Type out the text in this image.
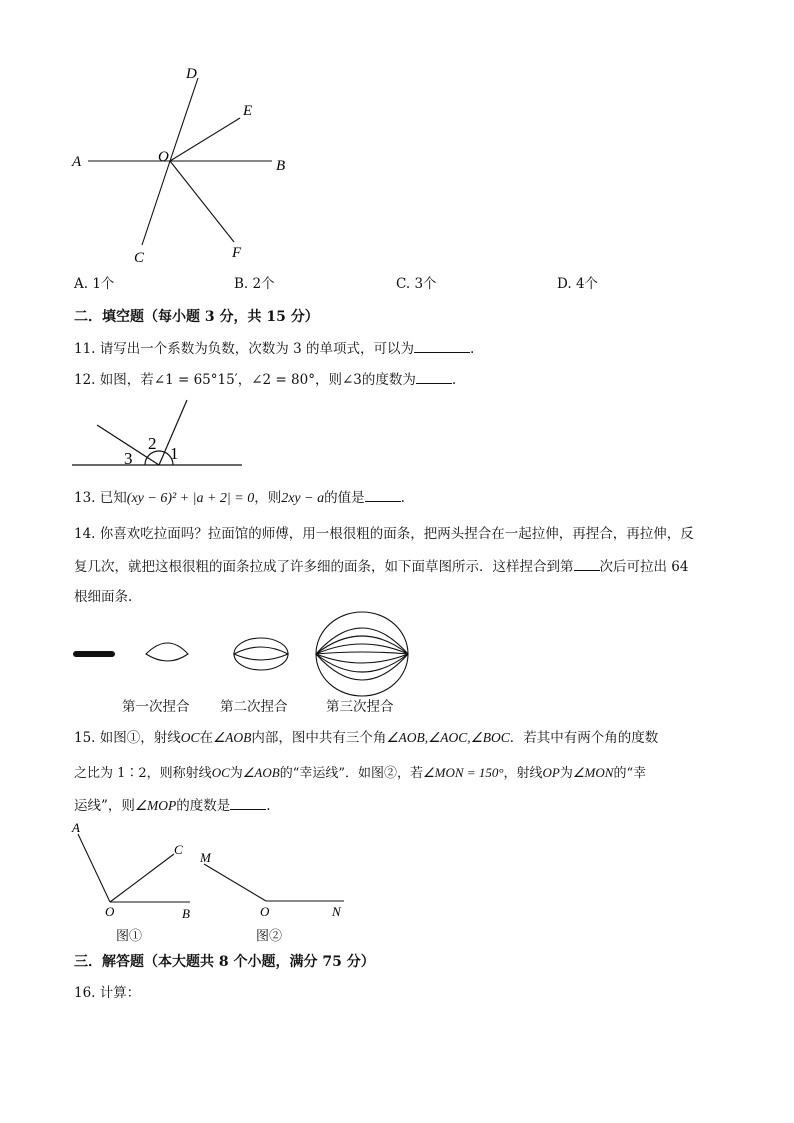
A	B
D
E
O
C	F
A. 1个	B. 2个	C. 3个	D. 4个
二．填空题（每小题 3 分，共 15 分）
11. 请写出一个系数为负数，次数为 3 的单项式，可以为	.
12. 如图，若∠1 = 65°15′，∠2 = 80°，则∠3的度数为	.
3
2
1
13. 已知(xy − 6)² + |a + 2| = 0，则2xy − a的值是	.
14. 你喜欢吃拉面吗？拉面馆的师傅，用一根很粗的面条，把两头捏合在一起拉伸，再捏合，再拉伸，反
复几次，就把这根很粗的面条拉成了许多细的面条，如下面草图所示．这样捏合到第 次后可拉出 64
根细面条.
第一次捏合 第二次捏合	第三次捏合
15. 如图①，射线OC在∠AOB内部，图中共有三个角∠AOB,∠AOC,∠BOC．若其中有两个角的度数
之比为 1∶2，则称射线OC为∠AOB的“幸运线”．如图②，若∠MON = 150°，射线OP为∠MON的“幸
运线”，则∠MOP的度数是	.
A
C
O	B
图①
M
O	N
图②
三．解答题（本大题共 8 个小题，满分 75 分）
16. 计算：
